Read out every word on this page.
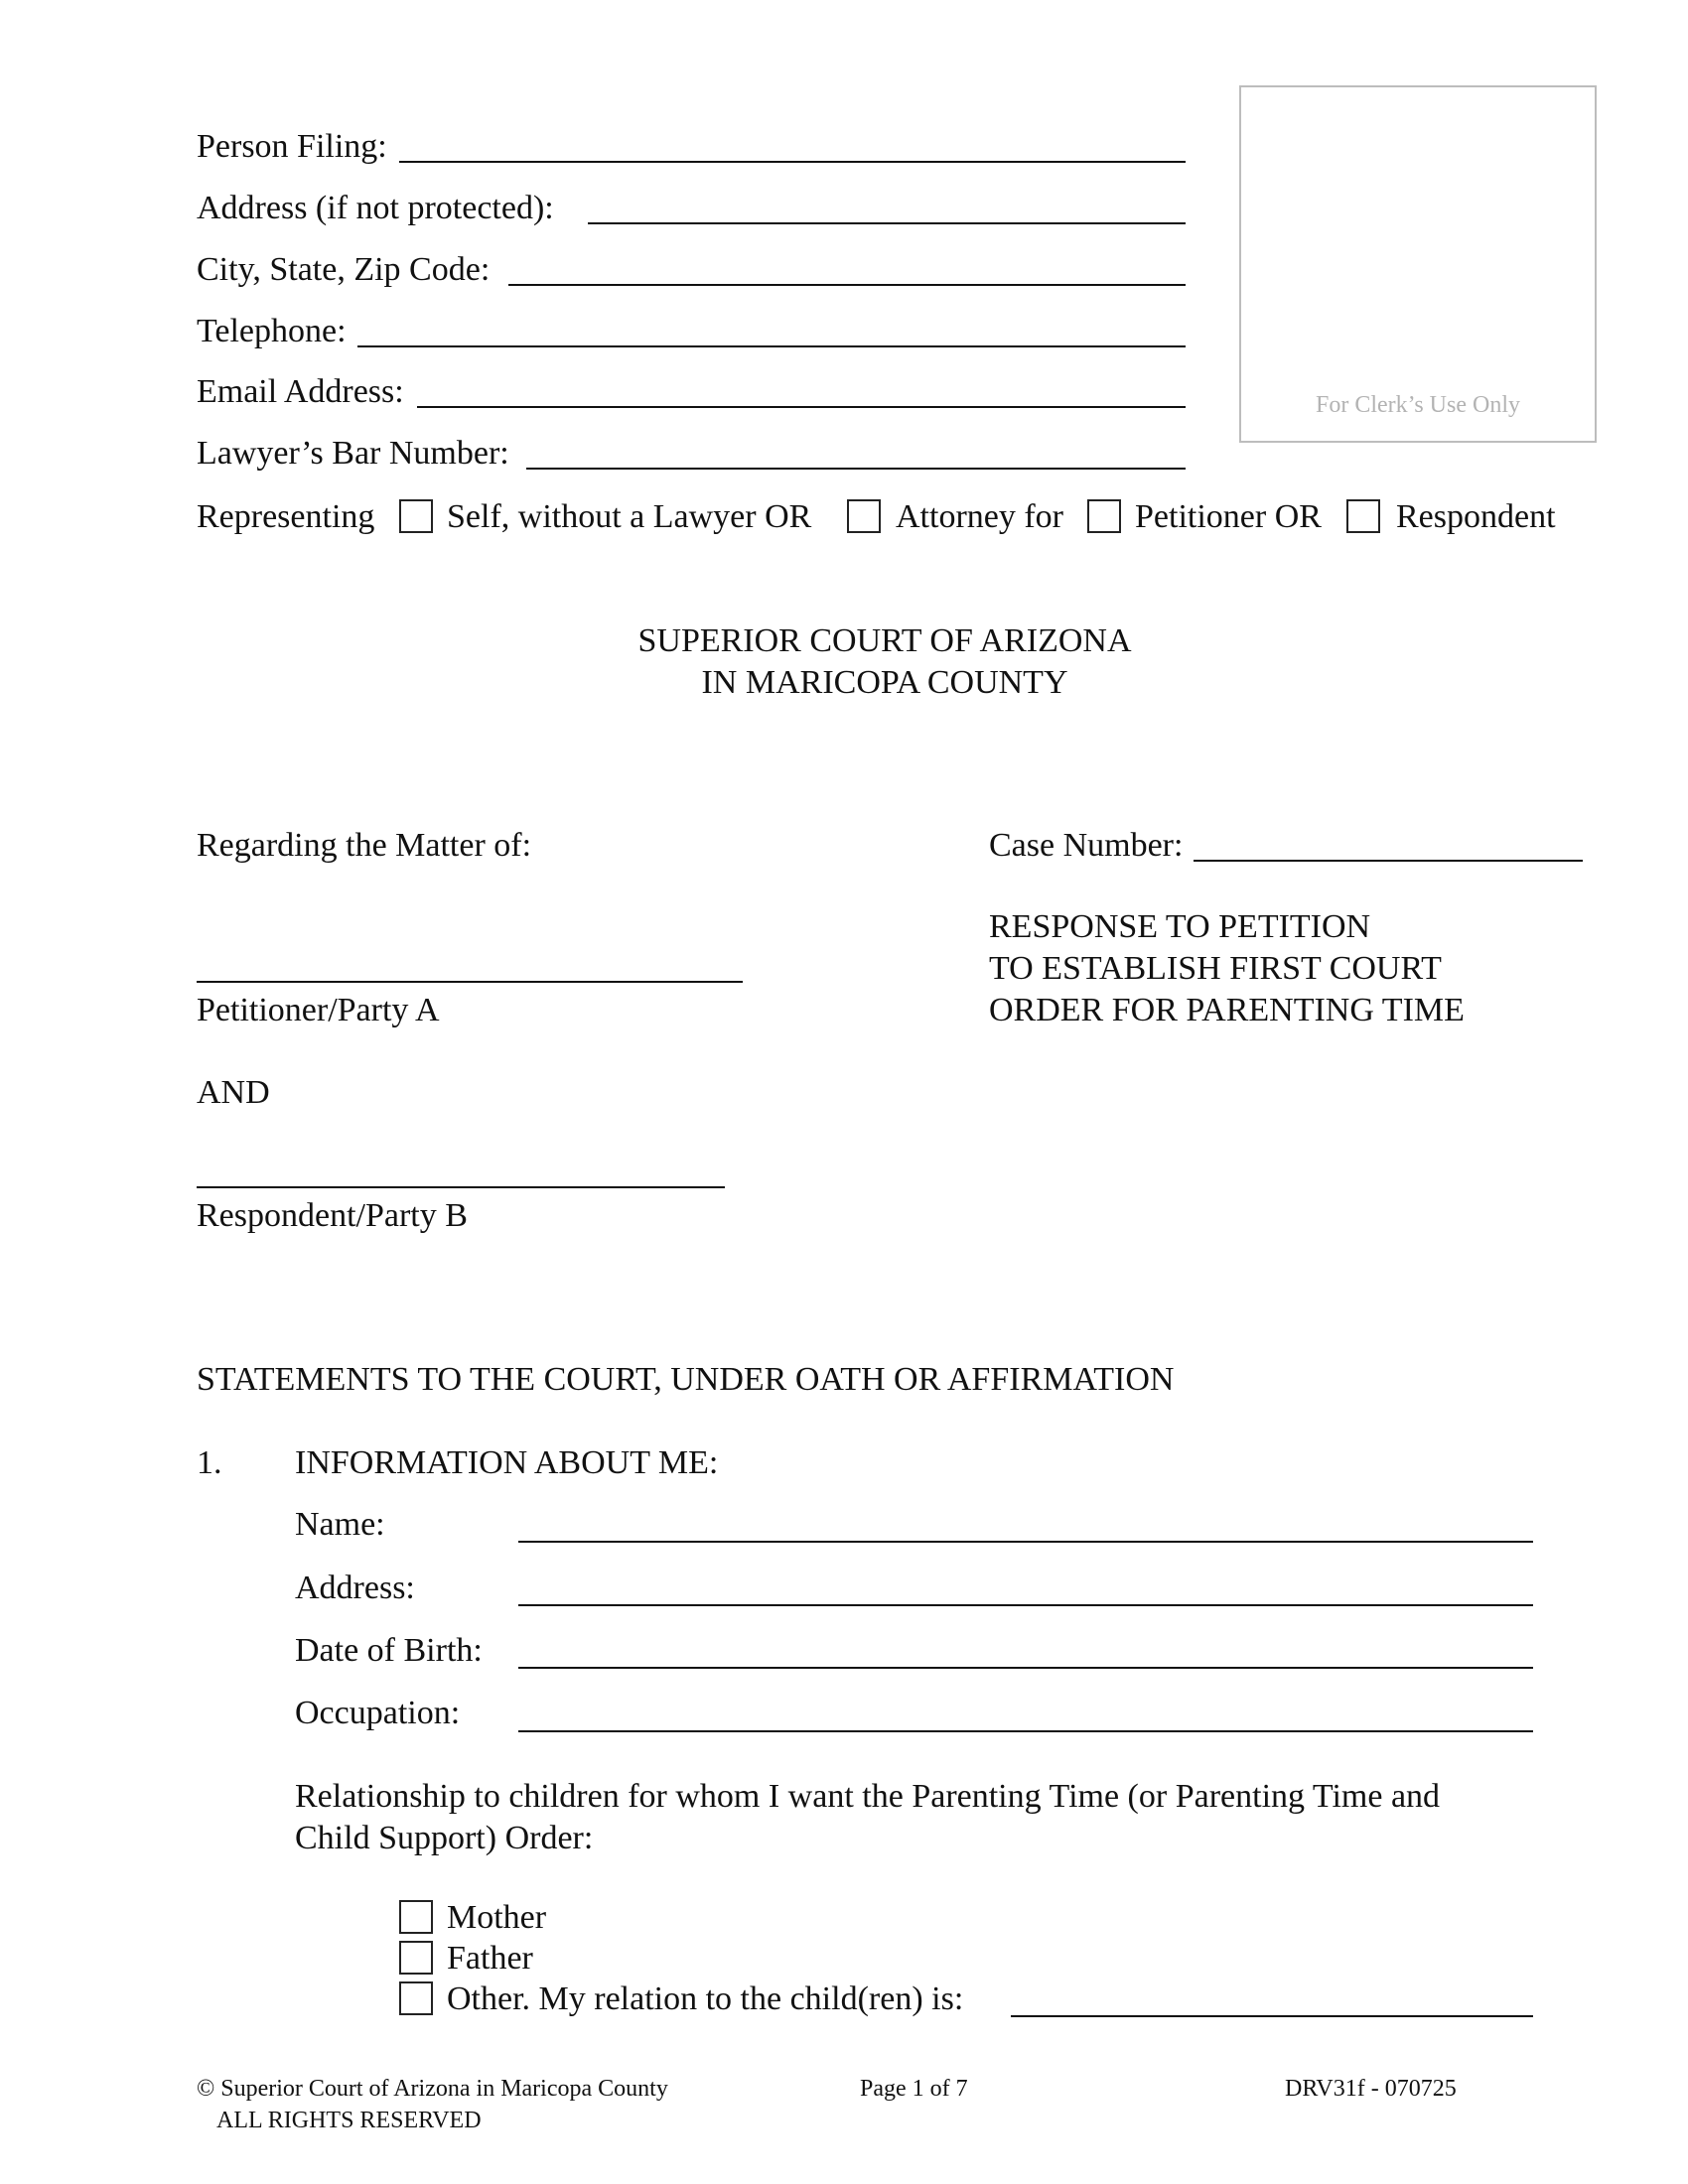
Person Filing:
Address (if not protected):
City, State, Zip Code:
Telephone:
Email Address:
Lawyer’s Bar Number:
Representing Self, without a Lawyer OR Attorney for Petitioner OR Respondent
For Clerk’s Use Only
SUPERIOR COURT OF ARIZONA
IN MARICOPA COUNTY
Regarding the Matter of:
Petitioner/Party A
AND
Respondent/Party B
Case Number:
RESPONSE TO PETITION
TO ESTABLISH FIRST COURT
ORDER FOR PARENTING TIME
STATEMENTS TO THE COURT, UNDER OATH OR AFFIRMATION
1. INFORMATION ABOUT ME:
Name:
Address:
Date of Birth:
Occupation:
Relationship to children for whom I want the Parenting Time (or Parenting Time and
Child Support) Order:
Mother
Father
Other. My relation to the child(ren) is:
© Superior Court of Arizona in Maricopa County
ALL RIGHTS RESERVED
Page 1 of 7	DRV31f - 070725
